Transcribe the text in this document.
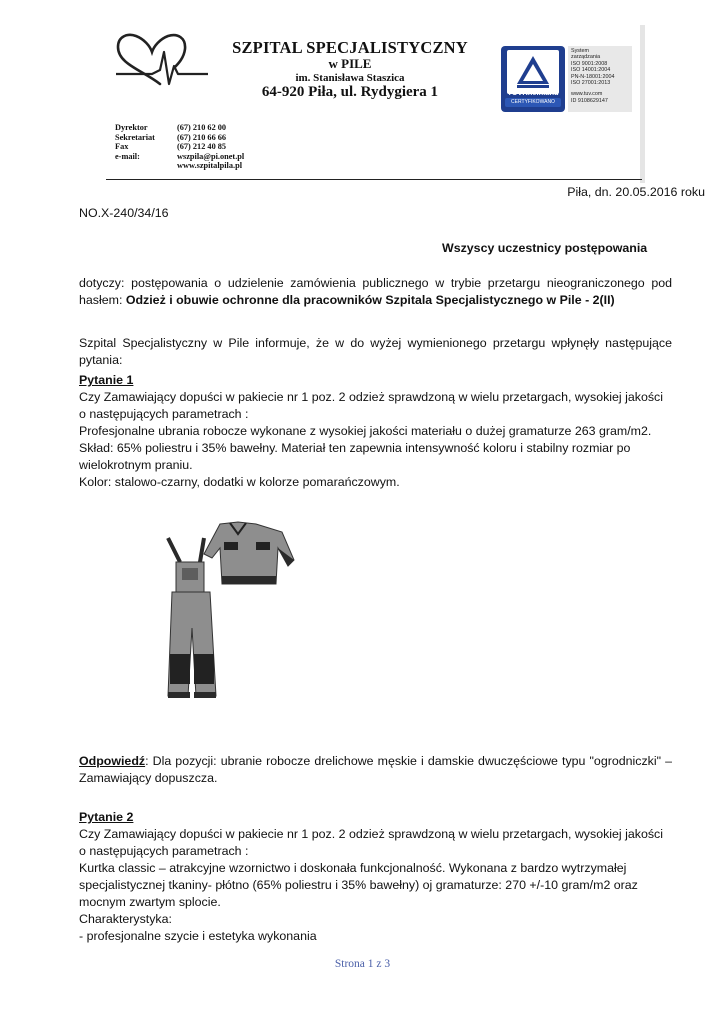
SZPITAL SPECJALISTYCZNY
w PILE
im. Stanisława Staszica
64-920 Piła, ul. Rydygiera 1
Dyrektor	(67) 210 62 00
Sekretariat	(67) 210 66 66
Fax	(67) 212 40 85
e-mail:	wszpila@pi.onet.pl
www.szpitalpila.pl
TÜVRheinland
CERTYFIKOWANO
System
zarządzania
ISO 9001:2008
ISO 14001:2004
PN-N-18001:2004
ISO 27001:2013
www.tuv.com
ID 9108629147
Piła, dn. 20.05.2016 roku
NO.X-240/34/16
Wszyscy uczestnicy postępowania
dotyczy: postępowania o udzielenie zamówienia publicznego w trybie przetargu nieograniczonego pod hasłem: Odzież i obuwie ochronne dla pracowników Szpitala Specjalistycznego w Pile - 2(II)
Szpital Specjalistyczny w Pile informuje, że w do wyżej wymienionego przetargu wpłynęły następujące pytania:
Pytanie 1
Czy Zamawiający dopuści w pakiecie nr 1 poz. 2 odzież sprawdzoną w wielu przetargach, wysokiej jakości o następujących parametrach :
Profesjonalne ubrania robocze wykonane z wysokiej jakości materiału o dużej gramaturze 263 gram/m2. Skład: 65% poliestru i 35% bawełny. Materiał ten zapewnia intensywność koloru i stabilny rozmiar po wielokrotnym praniu.
Kolor: stalowo-czarny, dodatki w kolorze pomarańczowym.
Odpowiedź: Dla pozycji: ubranie robocze drelichowe męskie i damskie dwuczęściowe typu "ogrodniczki" – Zamawiający dopuszcza.
Pytanie 2
Czy Zamawiający dopuści w pakiecie nr 1 poz. 2 odzież sprawdzoną w wielu przetargach, wysokiej jakości o następujących parametrach :
Kurtka classic – atrakcyjne wzornictwo i doskonała funkcjonalność. Wykonana z bardzo wytrzymałej specjalistycznej tkaniny- płótno (65% poliestru i 35% bawełny) oj gramaturze: 270 +/-10 gram/m2 oraz mocnym zwartym splocie.
Charakterystyka:
- profesjonalne szycie i estetyka wykonania
Strona 1 z 3
